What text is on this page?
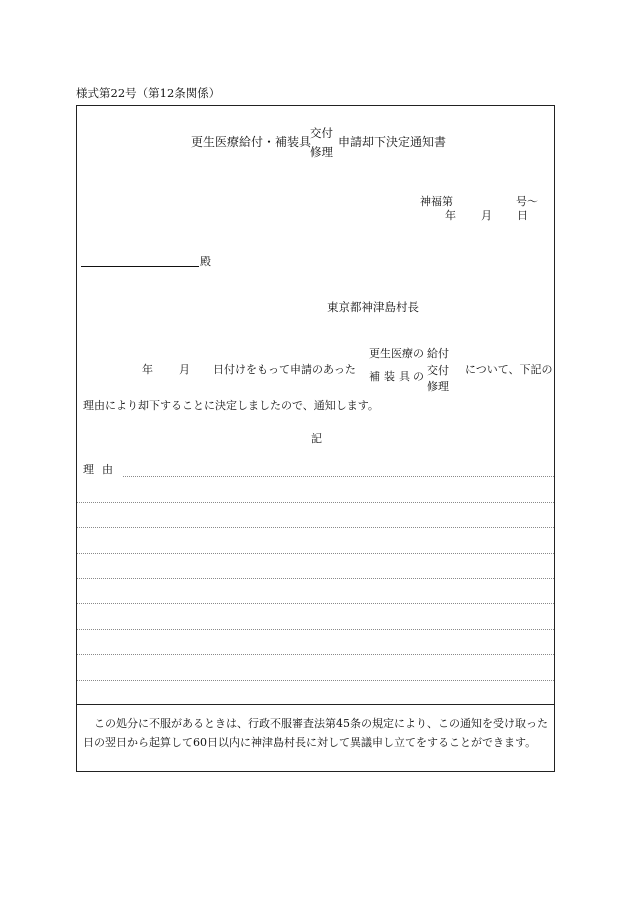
様式第22号（第12条関係）
更生医療給付・補装具
交付
修理
申請却下決定通知書
神福第	号〜
年 月 日
殿
東京都神津島村長
年 月 日付けをもって申請のあった
更生医療の
補装具 の
給付
交付
修理
について、下記の
理由により却下することに決定しましたので、通知します。
記
理由
この処分に不服があるときは、行政不服審査法第45条の規定により、この通知を受け取った日の翌日から起算して60日以内に神津島村長に対して異議申し立てをすることができます。
